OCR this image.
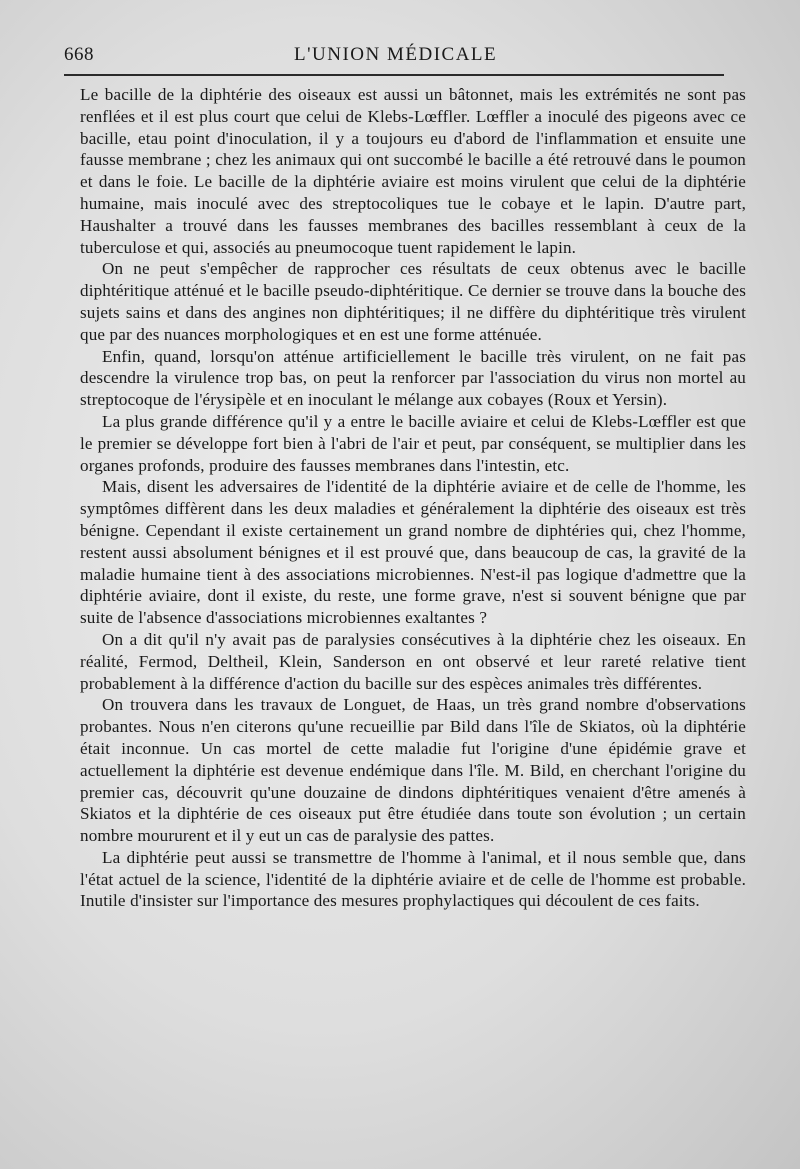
668	L'UNION MÉDICALE

Le bacille de la diphtérie des oiseaux est aussi un bâtonnet, mais les extrémités ne sont pas renflées et il est plus court que celui de Klebs-Lœffler. Lœffler a inoculé des pigeons avec ce bacille, etau point d'inoculation, il y a toujours eu d'abord de l'inflammation et ensuite une fausse membrane ; chez les animaux qui ont succombé le bacille a été retrouvé dans le poumon et dans le foie. Le bacille de la diphtérie aviaire est moins virulent que celui de la diphtérie humaine, mais inoculé avec des streptocoliques tue le cobaye et le lapin. D'autre part, Haushalter a trouvé dans les fausses membranes des bacilles ressemblant à ceux de la tuberculose et qui, associés au pneumocoque tuent rapidement le lapin.

On ne peut s'empêcher de rapprocher ces résultats de ceux obtenus avec le bacille diphtéritique atténué et le bacille pseudo-diphtéritique. Ce dernier se trouve dans la bouche des sujets sains et dans des angines non diphtéritiques; il ne diffère du diphtéritique très virulent que par des nuances morphologiques et en est une forme atténuée.

Enfin, quand, lorsqu'on atténue artificiellement le bacille très virulent, on ne fait pas descendre la virulence trop bas, on peut la renforcer par l'association du virus non mortel au streptocoque de l'érysipèle et en inoculant le mélange aux cobayes (Roux et Yersin).

La plus grande différence qu'il y a entre le bacille aviaire et celui de Klebs-Lœffler est que le premier se développe fort bien à l'abri de l'air et peut, par conséquent, se multiplier dans les organes profonds, produire des fausses membranes dans l'intestin, etc.

Mais, disent les adversaires de l'identité de la diphtérie aviaire et de celle de l'homme, les symptômes diffèrent dans les deux maladies et généralement la diphtérie des oiseaux est très bénigne. Cependant il existe certainement un grand nombre de diphtéries qui, chez l'homme, restent aussi absolument bénignes et il est prouvé que, dans beaucoup de cas, la gravité de la maladie humaine tient à des associations microbiennes. N'est-il pas logique d'admettre que la diphtérie aviaire, dont il existe, du reste, une forme grave, n'est si souvent bénigne que par suite de l'absence d'associations microbiennes exaltantes ?

On a dit qu'il n'y avait pas de paralysies consécutives à la diphtérie chez les oiseaux. En réalité, Fermod, Deltheil, Klein, Sanderson en ont observé et leur rareté relative tient probablement à la différence d'action du bacille sur des espèces animales très différentes.

On trouvera dans les travaux de Longuet, de Haas, un très grand nombre d'observations probantes. Nous n'en citerons qu'une recueillie par Bild dans l'île de Skiatos, où la diphtérie était inconnue. Un cas mortel de cette maladie fut l'origine d'une épidémie grave et actuellement la diphtérie est devenue endémique dans l'île. M. Bild, en cherchant l'origine du premier cas, découvrit qu'une douzaine de dindons diphtéritiques venaient d'être amenés à Skiatos et la diphtérie de ces oiseaux put être étudiée dans toute son évolution ; un certain nombre moururent et il y eut un cas de paralysie des pattes.

La diphtérie peut aussi se transmettre de l'homme à l'animal, et il nous semble que, dans l'état actuel de la science, l'identité de la diphtérie aviaire et de celle de l'homme est probable. Inutile d'insister sur l'importance des mesures prophylactiques qui découlent de ces faits.
